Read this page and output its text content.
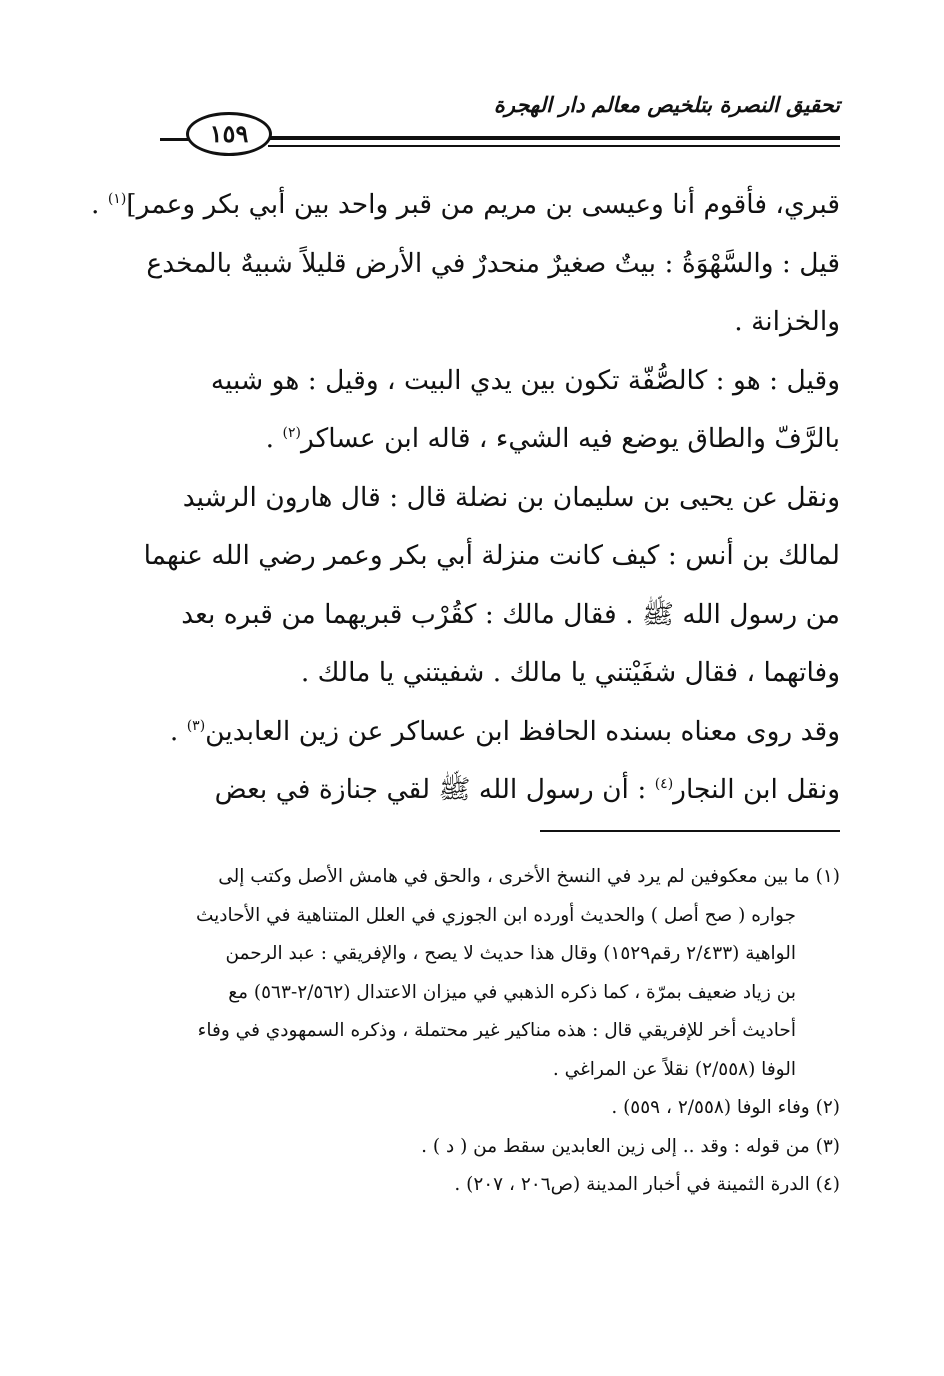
تحقيق النصرة بتلخيص معالم دار الهجرة
١٥٩
قبري، فأقوم أنا وعيسى بن مريم من قبر واحد بين أبي بكر وعمر]$^{(١)}$ .
قيل : والسَّهْوَةُ : بيتٌ صغيرٌ منحدرٌ في الأرض قليلاً شبيهٌ بالمخدع
والخزانة .
وقيل : هو : كالصُّفّة تكون بين يدي البيت ، وقيل : هو شبيه
بالرَّفّ والطاق يوضع فيه الشيء ، قاله ابن عساكر$^{(٢)}$ .
ونقل عن يحيى بن سليمان بن نضلة قال : قال هارون الرشيد
لمالك بن أنس : كيف كانت منزلة أبي بكر وعمر رضي الله عنهما
من رسول الله ﷺ . فقال مالك : كقُرْب قبريهما من قبره بعد
وفاتهما ، فقال شفَيْتني يا مالك . شفيتني يا مالك .
وقد روى معناه بسنده الحافظ ابن عساكر عن زين العابدين$^{(٣)}$ .
ونقل ابن النجار$^{(٤)}$ : أن رسول الله ﷺ لقي جنازة في بعض
(١) ما بين معكوفين لم يرد في النسخ الأخرى ، والحق في هامش الأصل وكتب إلى
جواره ( صح أصل ) والحديث أورده ابن الجوزي في العلل المتناهية في الأحاديث
الواهية (٢/٤٣٣ رقم١٥٢٩) وقال هذا حديث لا يصح ، والإفريقي : عبد الرحمن
بن زياد ضعيف بمرّة ، كما ذكره الذهبي في ميزان الاعتدال (٢/٥٦٢-٥٦٣) مع
أحاديث أخر للإفريقي قال : هذه مناكير غير محتملة ، وذكره السمهودي في وفاء
الوفا (٢/٥٥٨) نقلاً عن المراغي .
(٢) وفاء الوفا (٢/٥٥٨ ، ٥٥٩) .
(٣) من قوله : وقد .. إلى زين العابدين سقط من ( د ) .
(٤) الدرة الثمينة في أخبار المدينة (ص٢٠٦ ، ٢٠٧) .
